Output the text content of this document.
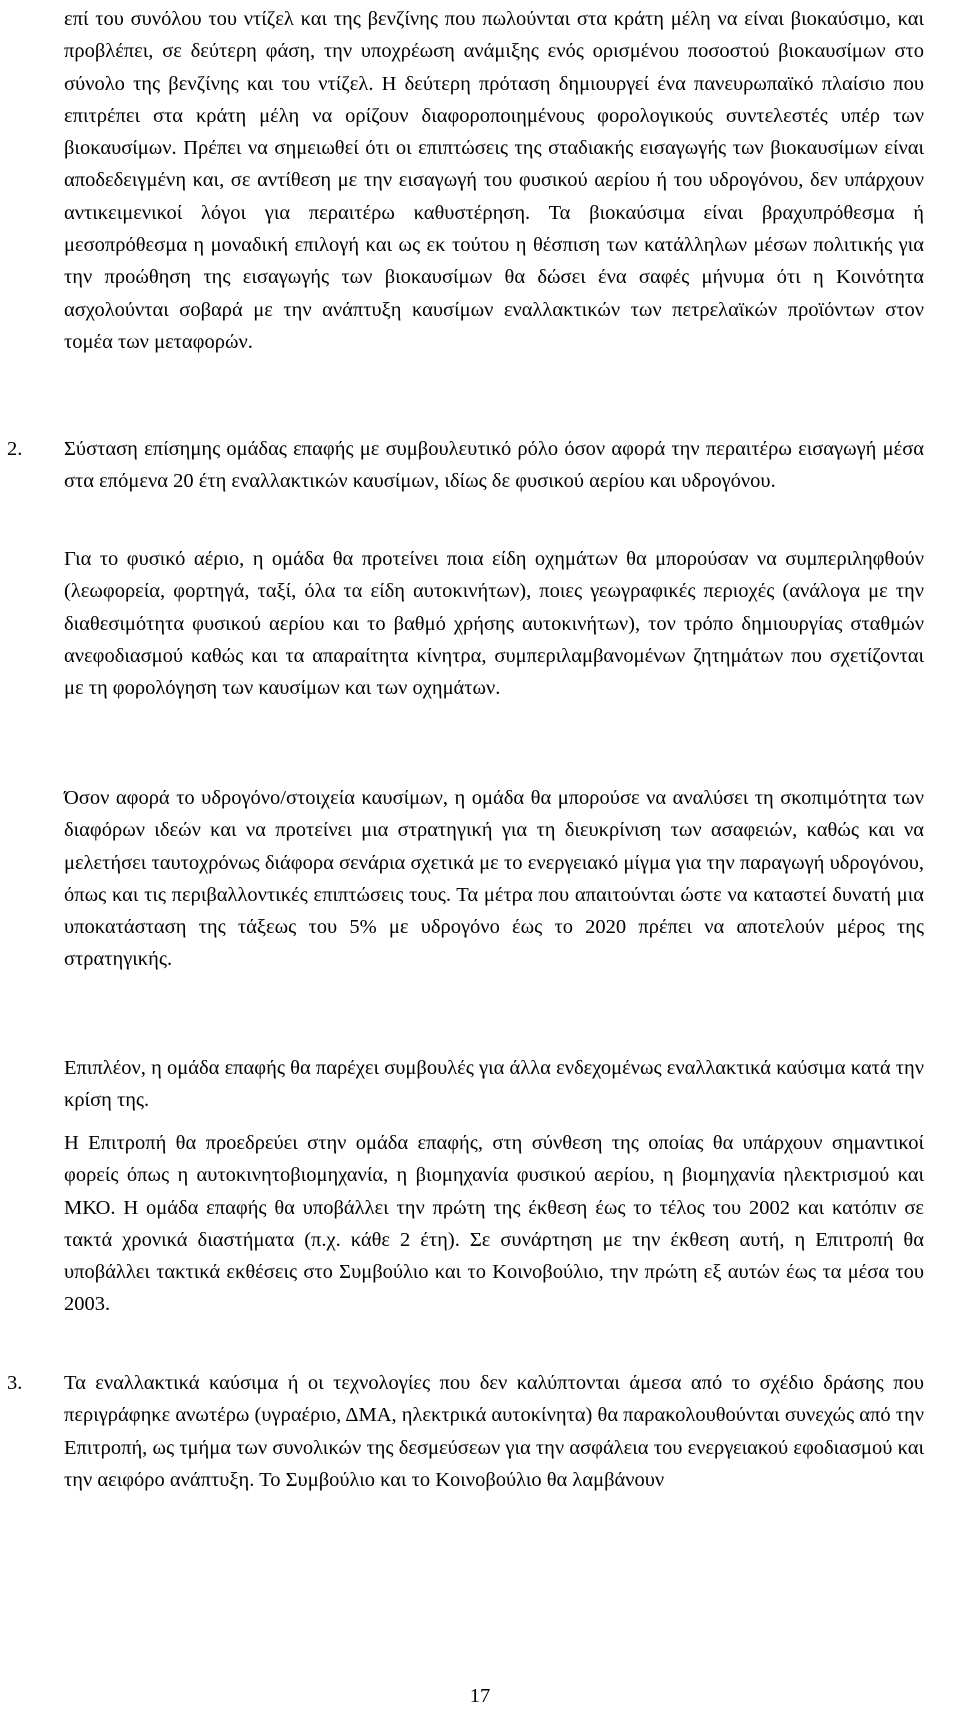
επί του συνόλου του ντίζελ και της βενζίνης που πωλούνται στα κράτη μέλη να είναι βιοκαύσιμο, και προβλέπει, σε δεύτερη φάση, την υποχρέωση ανάμιξης ενός ορισμένου ποσοστού βιοκαυσίμων στο σύνολο της βενζίνης και του ντίζελ. Η δεύτερη πρόταση δημιουργεί ένα πανευρωπαϊκό πλαίσιο που επιτρέπει στα κράτη μέλη να ορίζουν διαφοροποιημένους φορολογικούς συντελεστές υπέρ των βιοκαυσίμων. Πρέπει να σημειωθεί ότι οι επιπτώσεις της σταδιακής εισαγωγής των βιοκαυσίμων είναι αποδεδειγμένη και, σε αντίθεση με την εισαγωγή του φυσικού αερίου ή του υδρογόνου, δεν υπάρχουν αντικειμενικοί λόγοι για περαιτέρω καθυστέρηση. Τα βιοκαύσιμα είναι βραχυπρόθεσμα ή μεσοπρόθεσμα η μοναδική επιλογή και ως εκ τούτου η θέσπιση των κατάλληλων μέσων πολιτικής για την προώθηση της εισαγωγής των βιοκαυσίμων θα δώσει ένα σαφές μήνυμα ότι η Κοινότητα ασχολούνται σοβαρά με την ανάπτυξη καυσίμων εναλλακτικών των πετρελαϊκών προϊόντων στον τομέα των μεταφορών.

2. Σύσταση επίσημης ομάδας επαφής με συμβουλευτικό ρόλο όσον αφορά την περαιτέρω εισαγωγή μέσα στα επόμενα 20 έτη εναλλακτικών καυσίμων, ιδίως δε φυσικού αερίου και υδρογόνου.

Για το φυσικό αέριο, η ομάδα θα προτείνει ποια είδη οχημάτων θα μπορούσαν να συμπεριληφθούν (λεωφορεία, φορτηγά, ταξί, όλα τα είδη αυτοκινήτων), ποιες γεωγραφικές περιοχές (ανάλογα με την διαθεσιμότητα φυσικού αερίου και το βαθμό χρήσης αυτοκινήτων), τον τρόπο δημιουργίας σταθμών ανεφοδιασμού καθώς και τα απαραίτητα κίνητρα, συμπεριλαμβανομένων ζητημάτων που σχετίζονται με τη φορολόγηση των καυσίμων και των οχημάτων.

Όσον αφορά το υδρογόνο/στοιχεία καυσίμων, η ομάδα θα μπορούσε να αναλύσει τη σκοπιμότητα των διαφόρων ιδεών και να προτείνει μια στρατηγική για τη διευκρίνιση των ασαφειών, καθώς και να μελετήσει ταυτοχρόνως διάφορα σενάρια σχετικά με το ενεργειακό μίγμα για την παραγωγή υδρογόνου, όπως και τις περιβαλλοντικές επιπτώσεις τους. Τα μέτρα που απαιτούνται ώστε να καταστεί δυνατή μια υποκατάσταση της τάξεως του 5% με υδρογόνο έως το 2020 πρέπει να αποτελούν μέρος της στρατηγικής.

Επιπλέον, η ομάδα επαφής θα παρέχει συμβουλές για άλλα ενδεχομένως εναλλακτικά καύσιμα κατά την κρίση της.

Η Επιτροπή θα προεδρεύει στην ομάδα επαφής, στη σύνθεση της οποίας θα υπάρχουν σημαντικοί φορείς όπως η αυτοκινητοβιομηχανία, η βιομηχανία φυσικού αερίου, η βιομηχανία ηλεκτρισμού και ΜΚΟ. Η ομάδα επαφής θα υποβάλλει την πρώτη της έκθεση έως το τέλος του 2002 και κατόπιν σε τακτά χρονικά διαστήματα (π.χ. κάθε 2 έτη). Σε συνάρτηση με την έκθεση αυτή, η Επιτροπή θα υποβάλλει τακτικά εκθέσεις στο Συμβούλιο και το Κοινοβούλιο, την πρώτη εξ αυτών έως τα μέσα του 2003.

3. Τα εναλλακτικά καύσιμα ή οι τεχνολογίες που δεν καλύπτονται άμεσα από το σχέδιο δράσης που περιγράφηκε ανωτέρω (υγραέριο, ΔΜΑ, ηλεκτρικά αυτοκίνητα) θα παρακολουθούνται συνεχώς από την Επιτροπή, ως τμήμα των συνολικών της δεσμεύσεων για την ασφάλεια του ενεργειακού εφοδιασμού και την αειφόρο ανάπτυξη. Το Συμβούλιο και το Κοινοβούλιο θα λαμβάνουν
17
